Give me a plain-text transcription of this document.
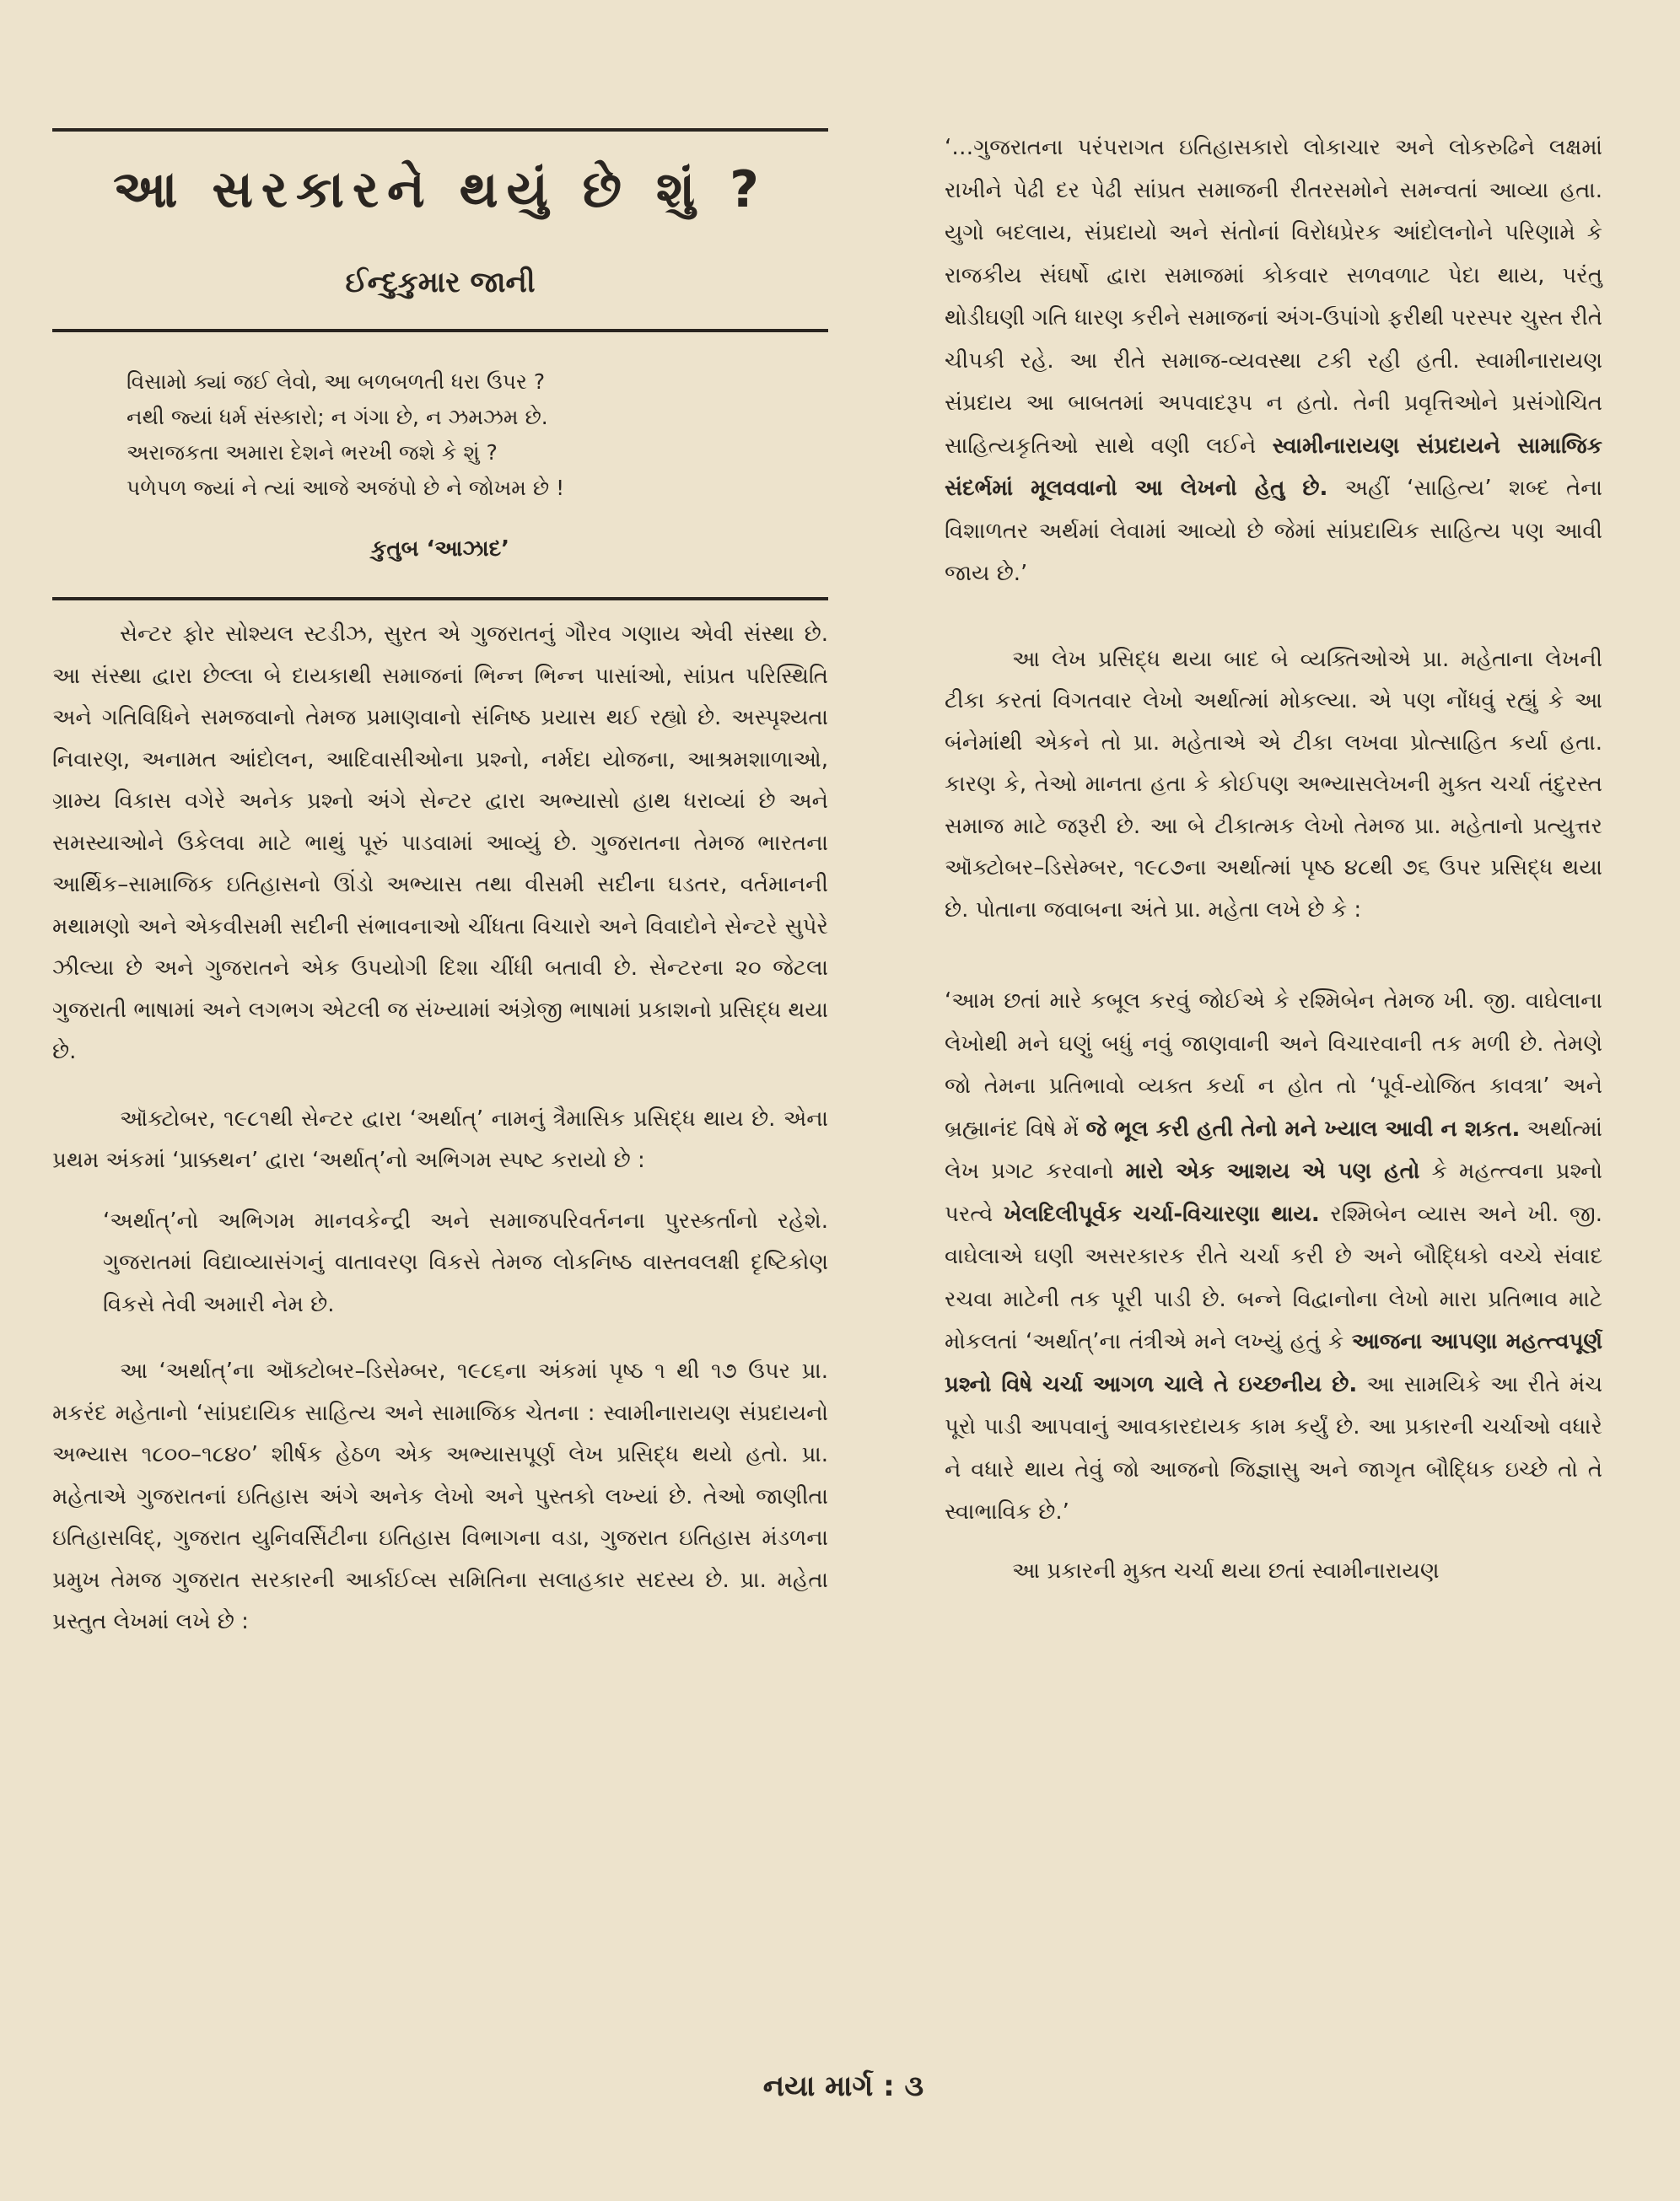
આ સરકારને થયું છે શું ?
ઈન્દુકુમાર જાની
વિસામો ક્યાં જઈ લેવો, આ બળબળતી ધરા ઉપર ?
નથી જ્યાં ધર્મ સંસ્કારો; ન ગંગા છે, ન ઝમઝમ છે.
અરાજકતા અમારા દેશને ભરખી જશે કે શું ?
પળેપળ જ્યાં ને ત્યાં આજે અજંપો છે ને જોખમ છે !
કુતુબ ‘આઝાદ’

સેન્ટર ફોર સોશ્યલ સ્ટડીઝ, સુરત એ ગુજરાતનું ગૌરવ ગણાય એવી સંસ્થા છે. આ સંસ્થા દ્વારા છેલ્લા બે દાયકાથી સમાજનાં ભિન્ન ભિન્ન પાસાંઓ, સાંપ્રત પરિસ્થિતિ અને ગતિવિધિને સમજવાનો તેમજ પ્રમાણવાનો સંનિષ્ઠ પ્રયાસ થઈ રહ્યો છે. અસ્પૃશ્યતા નિવારણ, અનામત આંદોલન, આદિવાસીઓના પ્રશ્નો, નર્મદા યોજના, આશ્રમશાળાઓ, ગ્રામ્ય વિકાસ વગેરે અનેક પ્રશ્નો અંગે સેન્ટર દ્વારા અભ્યાસો હાથ ધરાવ્યાં છે અને સમસ્યાઓને ઉકેલવા માટે ભાથું પૂરું પાડવામાં આવ્યું છે. ગુજરાતના તેમજ ભારતના આર્થિક–સામાજિક ઇતિહાસનો ઊંડો અભ્યાસ તથા વીસમી સદીના ઘડતર, વર્તમાનની મથામણો અને એકવીસમી સદીની સંભાવનાઓ ચીંધતા વિચારો અને વિવાદોને સેન્ટરે સુપેરે ઝીલ્યા છે અને ગુજરાતને એક ઉપયોગી દિશા ચીંધી બતાવી છે. સેન્ટરના ૨૦ જેટલા ગુજરાતી ભાષામાં અને લગભગ એટલી જ સંખ્યામાં અંગ્રેજી ભાષામાં પ્રકાશનો પ્રસિદ્ધ થયા છે.

ઑક્ટોબર, ૧૯૮૧થી સેન્ટર દ્વારા ‘અર્થાત્’ નામનું ત્રૈમાસિક પ્રસિદ્ધ થાય છે. એના પ્રથમ અંકમાં ‘પ્રાક્કથન’ દ્વારા ‘અર્થાત્’નો અભિગમ સ્પષ્ટ કરાયો છે :

‘અર્થાત્’નો અભિગમ માનવકેન્દ્રી અને સમાજપરિવર્તનના પુરસ્કર્તાનો રહેશે. ગુજરાતમાં વિદ્યાવ્યાસંગનું વાતાવરણ વિકસે તેમજ લોકનિષ્ઠ વાસ્તવલક્ષી દૃષ્ટિકોણ વિકસે તેવી અમારી નેમ છે.

આ ‘અર્થાત્’ના ઑક્ટોબર–ડિસેમ્બર, ૧૯૮૬ના અંકમાં પૃષ્ઠ ૧ થી ૧૭ ઉપર પ્રા. મકરંદ મહેતાનો ‘સાંપ્રદાયિક સાહિત્ય અને સામાજિક ચેતના : સ્વામીનારાયણ સંપ્રદાયનો અભ્યાસ ૧૮૦૦–૧૮૪૦’ શીર્ષક હેઠળ એક અભ્યાસપૂર્ણ લેખ પ્રસિદ્ધ થયો હતો. પ્રા. મહેતાએ ગુજરાતનાં ઇતિહાસ અંગે અનેક લેખો અને પુસ્તકો લખ્યાં છે. તેઓ જાણીતા ઇતિહાસવિદ્, ગુજરાત યુનિવર્સિટીના ઇતિહાસ વિભાગના વડા, ગુજરાત ઇતિહાસ મંડળના પ્રમુખ તેમજ ગુજરાત સરકારની આર્કાઈવ્સ સમિતિના સલાહકાર સદસ્ય છે. પ્રા. મહેતા પ્રસ્તુત લેખમાં લખે છે :

‘…ગુજરાતના પરંપરાગત ઇતિહાસકારો લોકાચાર અને લોકરુઢિને લક્ષમાં રાખીને પેઢી દર પેઢી સાંપ્રત સમાજની રીતરસમોને સમન્વતાં આવ્યા હતા. યુગો બદલાય, સંપ્રદાયો અને સંતોનાં વિરોધપ્રેરક આંદોલનોને પરિણામે કે રાજકીય સંઘર્ષો દ્વારા સમાજમાં કોકવાર સળવળાટ પેદા થાય, પરંતુ થોડીઘણી ગતિ ધારણ કરીને સમાજનાં અંગ-ઉપાંગો ફરીથી પરસ્પર ચુસ્ત રીતે ચીપકી રહે. આ રીતે સમાજ-વ્યવસ્થા ટકી રહી હતી. સ્વામીનારાયણ સંપ્રદાય આ બાબતમાં અપવાદરૂપ ન હતો. તેની પ્રવૃત્તિઓને પ્રસંગોચિત સાહિત્યકૃતિઓ સાથે વણી લઈને સ્વામીનારાયણ સંપ્રદાયને સામાજિક સંદર્ભમાં મૂલવવાનો આ લેખનો હેતુ છે. અહીં ‘સાહિત્ય’ શબ્દ તેના વિશાળતર અર્થમાં લેવામાં આવ્યો છે જેમાં સાંપ્રદાયિક સાહિત્ય પણ આવી જાય છે.’

આ લેખ પ્રસિદ્ધ થયા બાદ બે વ્યક્તિઓએ પ્રા. મહેતાના લેખની ટીકા કરતાં વિગતવાર લેખો અર્થાત્માં મોકલ્યા. એ પણ નોંધવું રહ્યું કે આ બંનેમાંથી એકને તો પ્રા. મહેતાએ એ ટીકા લખવા પ્રોત્સાહિત કર્યા હતા. કારણ કે, તેઓ માનતા હતા કે કોઈપણ અભ્યાસલેખની મુક્ત ચર્ચા તંદુરસ્ત સમાજ માટે જરૂરી છે. આ બે ટીકાત્મક લેખો તેમજ પ્રા. મહેતાનો પ્રત્યુત્તર ઑક્ટોબર–ડિસેમ્બર, ૧૯૮૭ના અર્થાત્માં પૃષ્ઠ ૪૮થી ૭૬ ઉપર પ્રસિદ્ધ થયા છે. પોતાના જવાબના અંતે પ્રા. મહેતા લખે છે કે :

‘આમ છતાં મારે કબૂલ કરવું જોઈએ કે રશ્મિબેન તેમજ ખી. જી. વાઘેલાના લેખોથી મને ઘણું બધું નવું જાણવાની અને વિચારવાની તક મળી છે. તેમણે જો તેમના પ્રતિભાવો વ્યક્ત કર્યા ન હોત તો ‘પૂર્વ-યોજિત કાવત્રા’ અને બ્રહ્માનંદ વિષે મેં જે ભૂલ કરી હતી તેનો મને ખ્યાલ આવી ન શકત. અર્થાત્માં લેખ પ્રગટ કરવાનો મારો એક આશય એ પણ હતો કે મહત્ત્વના પ્રશ્નો પરત્વે ખેલદિલીપૂર્વક ચર્ચા-વિચારણા થાય. રશ્મિબેન વ્યાસ અને ખી. જી. વાઘેલાએ ઘણી અસરકારક રીતે ચર્ચા કરી છે અને બૌદ્ધિકો વચ્ચે સંવાદ રચવા માટેની તક પૂરી પાડી છે. બન્ને વિદ્વાનોના લેખો મારા પ્રતિભાવ માટે મોકલતાં ‘અર્થાત્’ના તંત્રીએ મને લખ્યું હતું કે આજના આપણા મહત્ત્વપૂર્ણ પ્રશ્નો વિષે ચર્ચા આગળ ચાલે તે ઇચ્છનીય છે. આ સામયિકે આ રીતે મંચ પૂરો પાડી આપવાનું આવકારદાયક કામ કર્યું છે. આ પ્રકારની ચર્ચાઓ વધારે ને વધારે થાય તેવું જો આજનો જિજ્ઞાસુ અને જાગૃત બૌદ્ધિક ઇચ્છે તો તે સ્વાભાવિક છે.’

આ પ્રકારની મુક્ત ચર્ચા થયા છતાં સ્વામીનારાયણ

નયા માર્ગ : ૩
